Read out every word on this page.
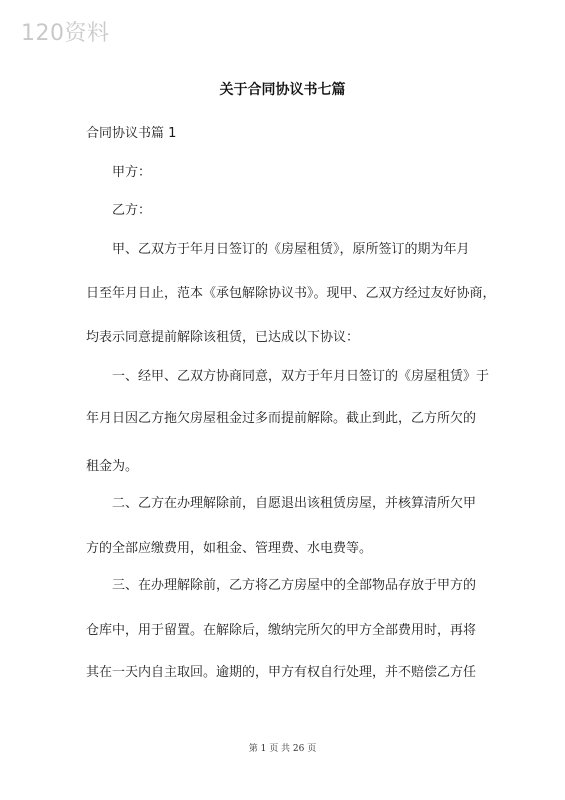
120资料
关于合同协议书七篇
合同协议书篇 1
甲方：
乙方：
甲、乙双方于年月日签订的《房屋租赁》，原所签订的期为年月
日至年月日止，范本《承包解除协议书》。现甲、乙双方经过友好协商，
均表示同意提前解除该租赁，已达成以下协议：
一、经甲、乙双方协商同意，双方于年月日签订的《房屋租赁》于
年月日因乙方拖欠房屋租金过多而提前解除。截止到此，乙方所欠的
租金为。
二、乙方在办理解除前，自愿退出该租赁房屋，并核算清所欠甲
方的全部应缴费用，如租金、管理费、水电费等。
三、在办理解除前，乙方将乙方房屋中的全部物品存放于甲方的
仓库中，用于留置。在解除后，缴纳完所欠的甲方全部费用时，再将
其在一天内自主取回。逾期的，甲方有权自行处理，并不赔偿乙方任
第 1 页 共 26 页
